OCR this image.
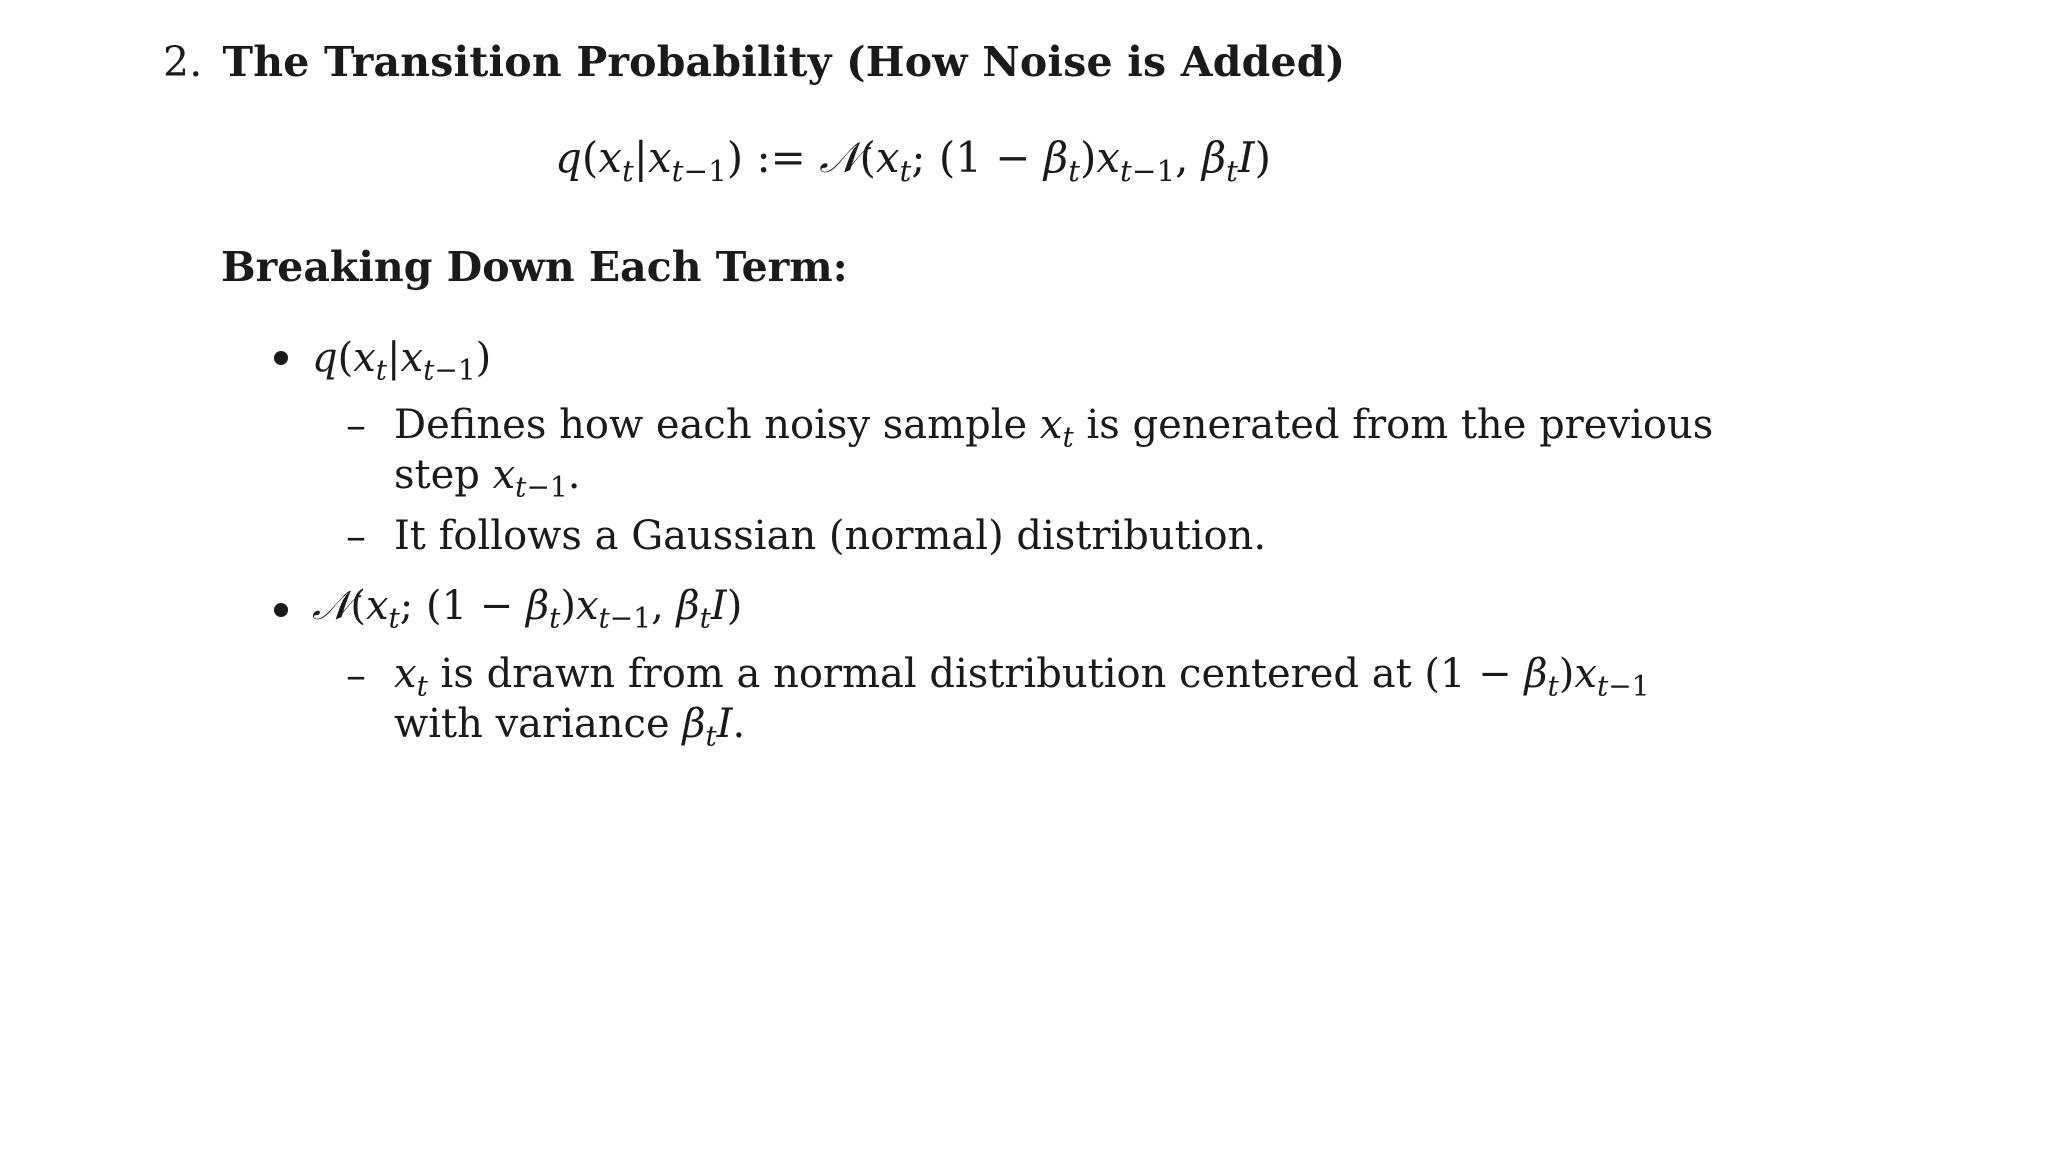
2. The Transition Probability (How Noise is Added)
$q(x_t|x_{t-1})$ := $𝒩(x_t$; $(1 - \beta_t)x_{t-1}$, $\beta_tI$)
Breaking Down Each Term:
$q(x_t|x_{t-1})$
– Defines how each noisy sample $x_t$ is generated from the previous
step $x_{t-1}$.
– It follows a Gaussian (normal) distribution.
$𝒩(x_t$; $(1 - \beta_t)x_{t-1}$, $\beta_tI$)
– $x_t$ is drawn from a normal distribution centered at $(1 - \beta_t)x_{t-1}$
with variance $\beta_tI$.
